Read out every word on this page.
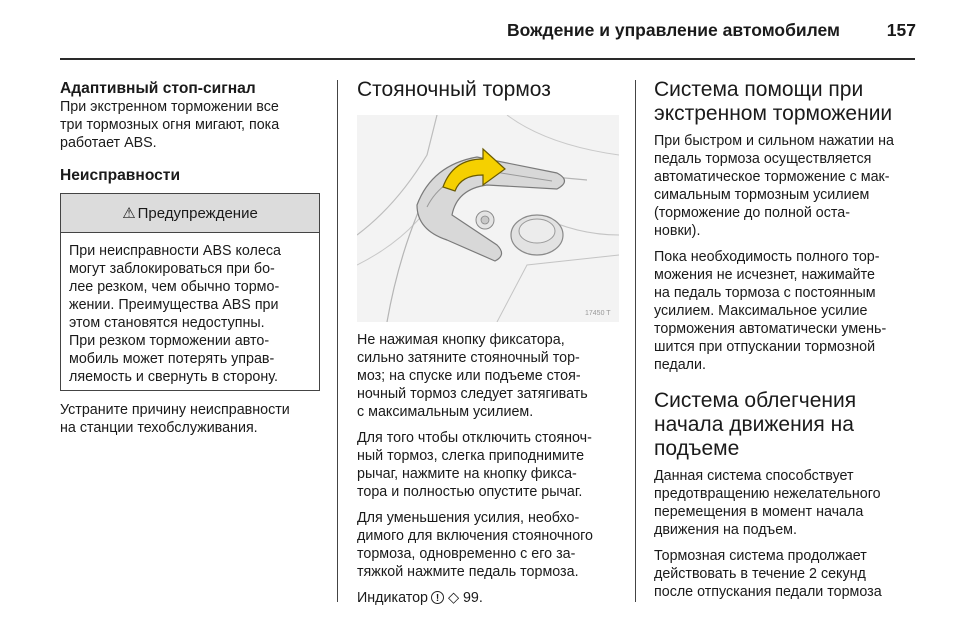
Вождение и управление автомобилем	157
Адаптивный стоп-сигнал

При экстренном торможении все
три тормозных огня мигают, пока
работает ABS.

Неисправности
⚠ Предупреждение
При неисправности ABS колеса
могут заблокироваться при бо-
лее резком, чем обычно тормо-
жении. Преимущества ABS при
этом становятся недоступны.
При резком торможении авто-
мобиль может потерять управ-
ляемость и свернуть в сторону.

Устраните причину неисправности
на станции техобслуживания.

Стояночный тормоз
17450 T

Не нажимая кнопку фиксатора,
сильно затяните стояночный тор-
моз; на спуске или подъеме стоя-
ночный тормоз следует затягивать
с максимальным усилием.

Для того чтобы отключить стояноч-
ный тормоз, слегка приподнимите
рычаг, нажмите на кнопку фикса-
тора и полностью опустите рычаг.

Для уменьшения усилия, необхо-
димого для включения стояночного
тормоза, одновременно с его за-
тяжкой нажмите педаль тормоза.

Индикатор! ◇ 99.

Система помощи при
экстренном торможении

При быстром и сильном нажатии на
педаль тормоза осуществляется
автоматическое торможение с мак-
симальным тормозным усилием
(торможение до полной оста-
новки).

Пока необходимость полного тор-
можения не исчезнет, нажимайте
на педаль тормоза с постоянным
усилием. Максимальное усилие
торможения автоматически умень-
шится при отпускании тормозной
педали.

Система облегчения
начала движения на
подъеме

Данная система способствует
предотвращению нежелательного
перемещения в момент начала
движения на подъем.

Тормозная система продолжает
действовать в течение 2 секунд
после отпускания педали тормоза
